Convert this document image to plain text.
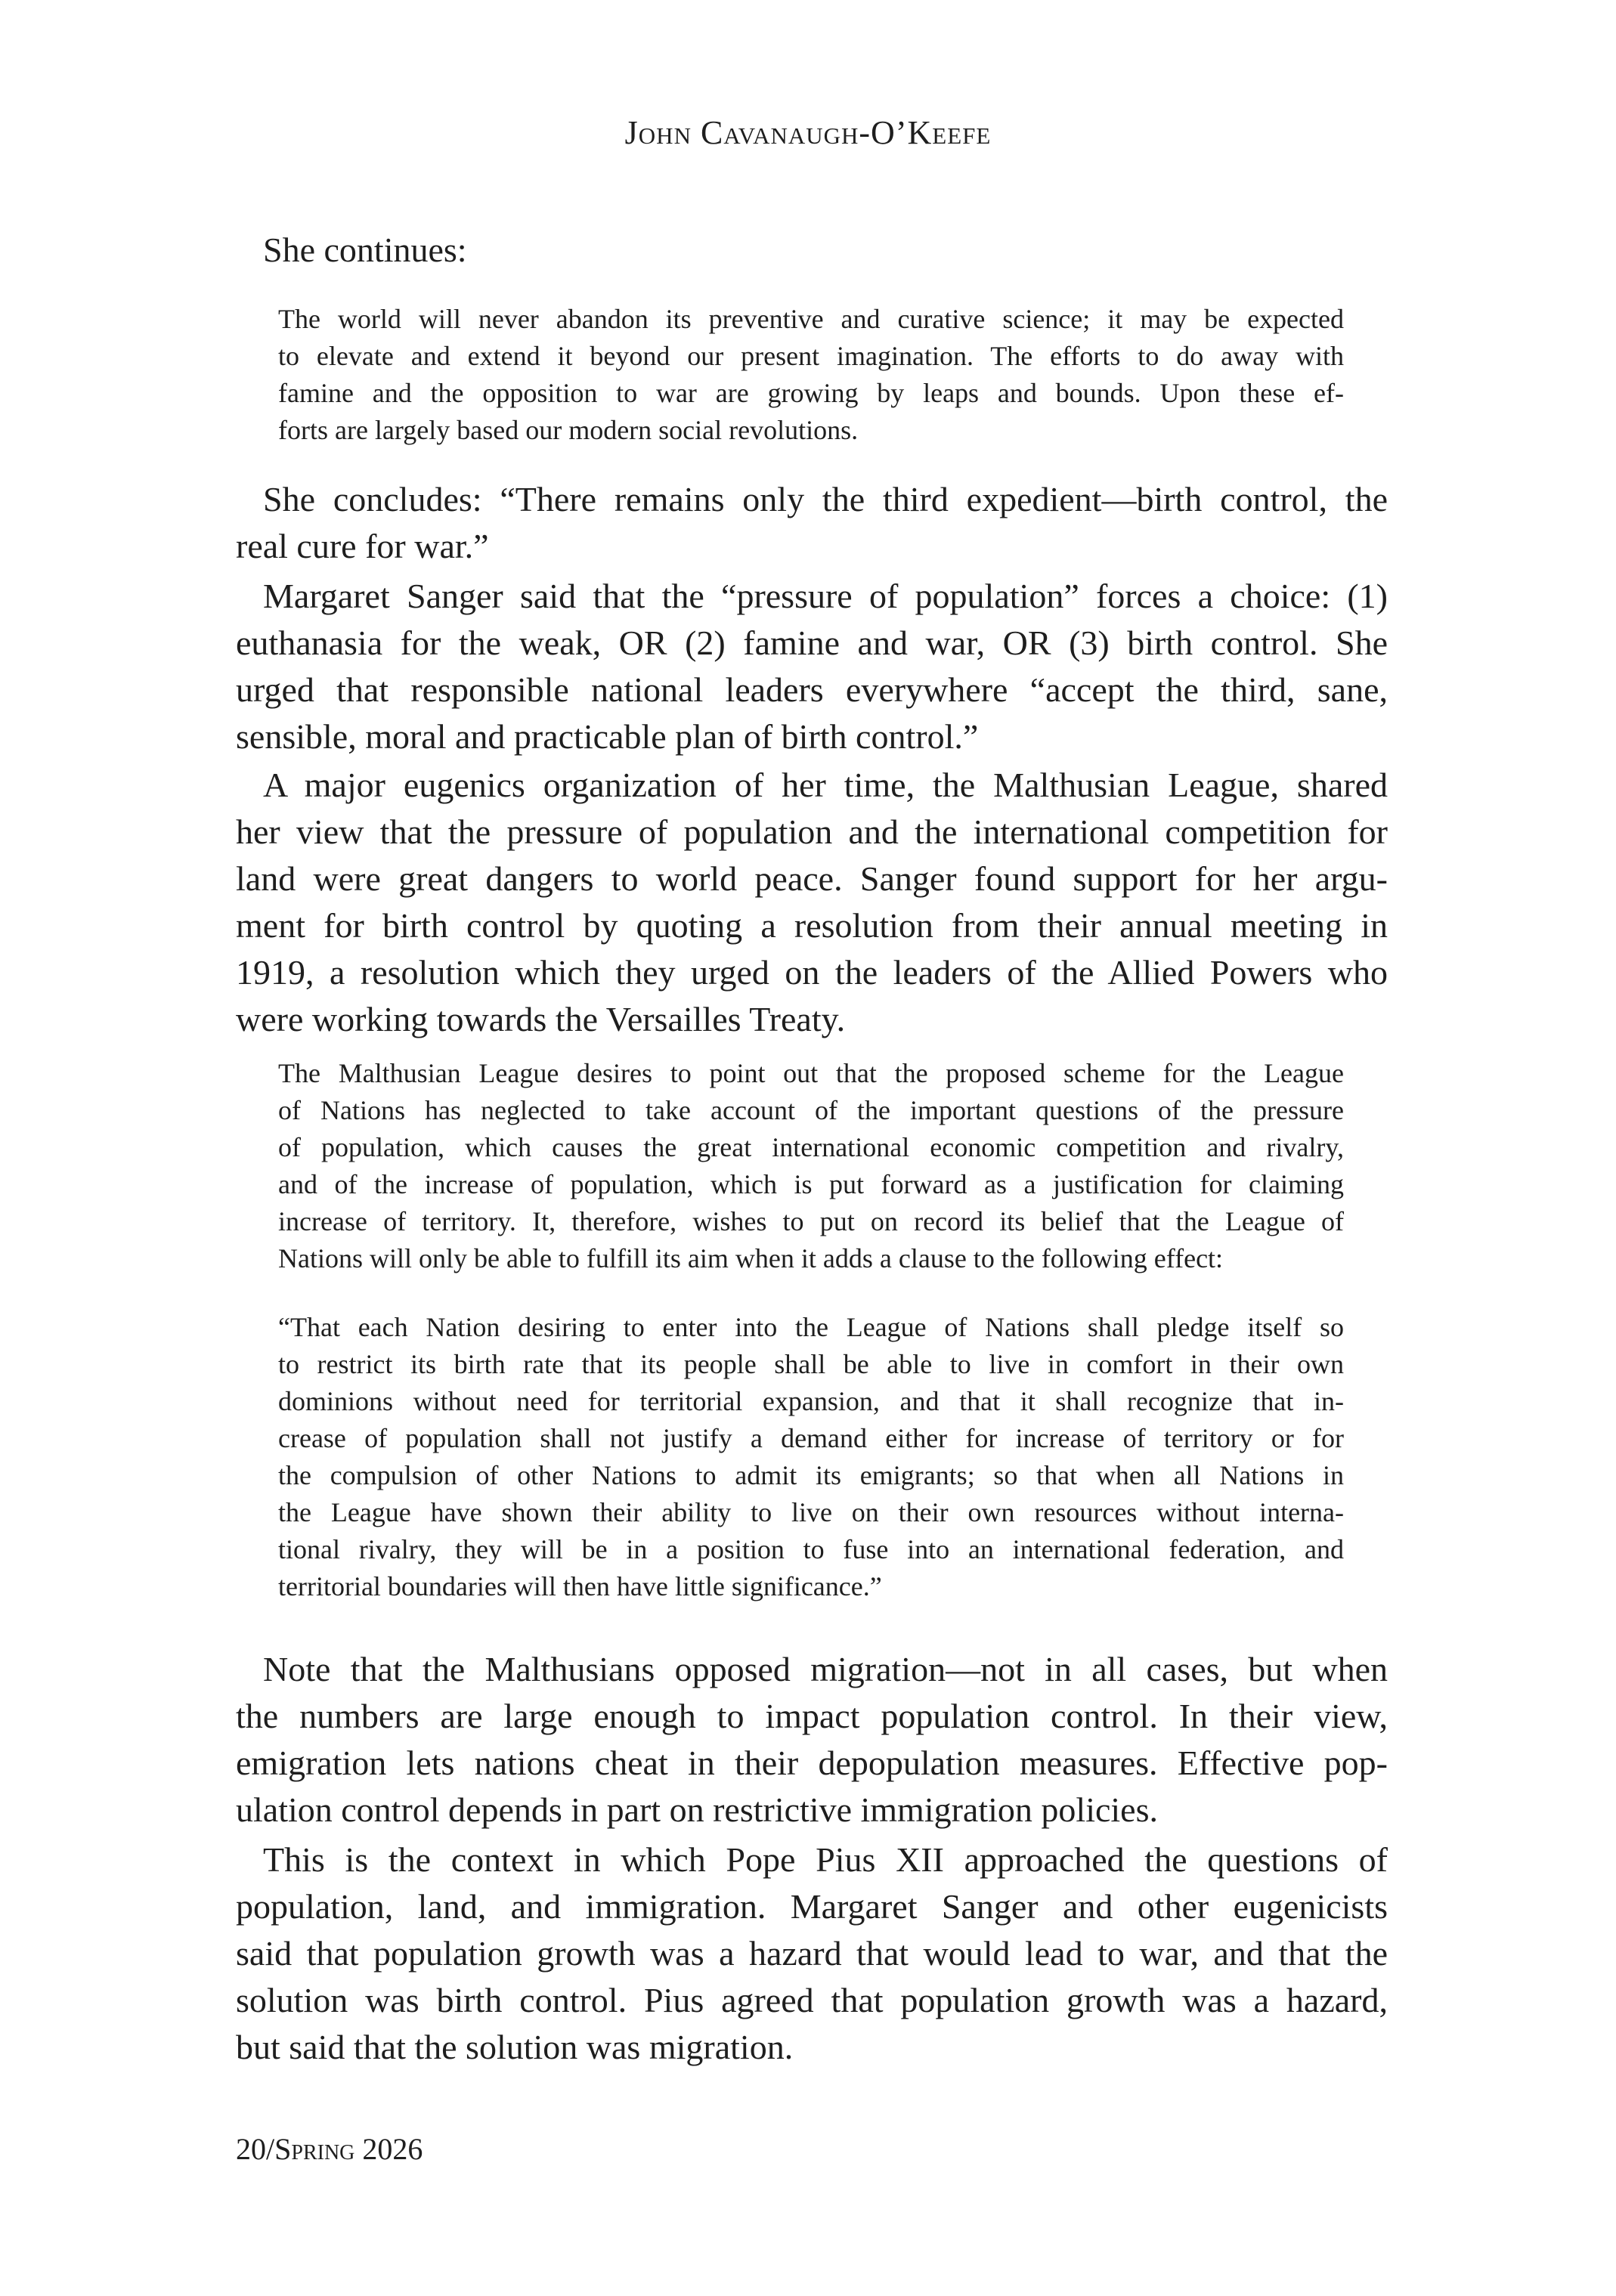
John Cavanaugh-O’Keefe

She continues:

The world will never abandon its preventive and curative science; it may be expected
to elevate and extend it beyond our present imagination. The efforts to do away with
famine and the opposition to war are growing by leaps and bounds. Upon these ef-
forts are largely based our modern social revolutions.
She concludes: “There remains only the third expedient—birth control, the
real cure for war.”
Margaret Sanger said that the “pressure of population” forces a choice: (1)
euthanasia for the weak, OR (2) famine and war, OR (3) birth control. She
urged that responsible national leaders everywhere “accept the third, sane,
sensible, moral and practicable plan of birth control.”
A major eugenics organization of her time, the Malthusian League, shared
her view that the pressure of population and the international competition for
land were great dangers to world peace. Sanger found support for her argu-
ment for birth control by quoting a resolution from their annual meeting in
1919, a resolution which they urged on the leaders of the Allied Powers who
were working towards the Versailles Treaty.
The Malthusian League desires to point out that the proposed scheme for the League
of Nations has neglected to take account of the important questions of the pressure
of population, which causes the great international economic competition and rivalry,
and of the increase of population, which is put forward as a justification for claiming
increase of territory. It, therefore, wishes to put on record its belief that the League of
Nations will only be able to fulfill its aim when it adds a clause to the following effect:
“That each Nation desiring to enter into the League of Nations shall pledge itself so
to restrict its birth rate that its people shall be able to live in comfort in their own
dominions without need for territorial expansion, and that it shall recognize that in-
crease of population shall not justify a demand either for increase of territory or for
the compulsion of other Nations to admit its emigrants; so that when all Nations in
the League have shown their ability to live on their own resources without interna-
tional rivalry, they will be in a position to fuse into an international federation, and
territorial boundaries will then have little significance.”
Note that the Malthusians opposed migration—not in all cases, but when
the numbers are large enough to impact population control. In their view,
emigration lets nations cheat in their depopulation measures. Effective pop-
ulation control depends in part on restrictive immigration policies.
This is the context in which Pope Pius XII approached the questions of
population, land, and immigration. Margaret Sanger and other eugenicists
said that population growth was a hazard that would lead to war, and that the
solution was birth control. Pius agreed that population growth was a hazard,
but said that the solution was migration.
20/Spring 2026
